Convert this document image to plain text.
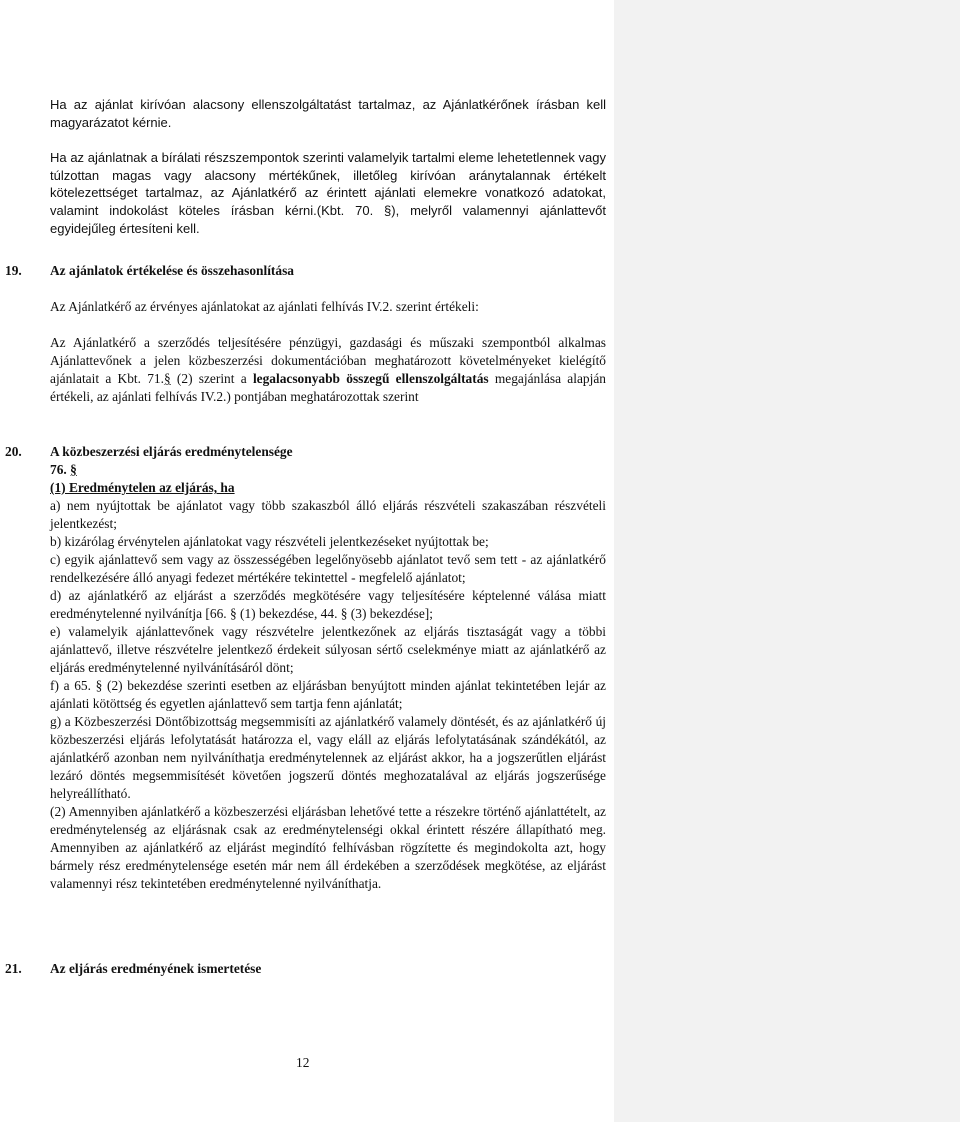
Ha az ajánlat kirívóan alacsony ellenszolgáltatást tartalmaz, az Ajánlatkérőnek írásban kell magyarázatot kérnie.

Ha az ajánlatnak a bírálati részszempontok szerinti valamelyik tartalmi eleme lehetetlennek vagy túlzottan magas vagy alacsony mértékűnek, illetőleg kirívóan aránytalannak értékelt kötelezettséget tartalmaz, az Ajánlatkérő az érintett ajánlati elemekre vonatkozó adatokat, valamint indokolást köteles írásban kérni.(Kbt. 70. §), melyről valamennyi ajánlattevőt egyidejűleg értesíteni kell.

19. Az ajánlatok értékelése és összehasonlítása

Az Ajánlatkérő az érvényes ajánlatokat az ajánlati felhívás IV.2. szerint értékeli:

Az Ajánlatkérő a szerződés teljesítésére pénzügyi, gazdasági és műszaki szempontból alkalmas Ajánlattevőnek a jelen közbeszerzési dokumentációban meghatározott követelményeket kielégítő ajánlatait a Kbt. 71.§ (2) szerint a legalacsonyabb összegű ellenszolgáltatás megajánlása alapján értékeli, az ajánlati felhívás IV.2.) pontjában meghatározottak szerint

20. A közbeszerzési eljárás eredménytelensége

76. §

(1) Eredménytelen az eljárás, ha

a) nem nyújtottak be ajánlatot vagy több szakaszból álló eljárás részvételi szakaszában részvételi jelentkezést;

b) kizárólag érvénytelen ajánlatokat vagy részvételi jelentkezéseket nyújtottak be;

c) egyik ajánlattevő sem vagy az összességében legelőnyösebb ajánlatot tevő sem tett - az ajánlatkérő rendelkezésére álló anyagi fedezet mértékére tekintettel - megfelelő ajánlatot;

d) az ajánlatkérő az eljárást a szerződés megkötésére vagy teljesítésére képtelenné válása miatt eredménytelenné nyilvánítja [66. § (1) bekezdése, 44. § (3) bekezdése];

e) valamelyik ajánlattevőnek vagy részvételre jelentkezőnek az eljárás tisztaságát vagy a többi ajánlattevő, illetve részvételre jelentkező érdekeit súlyosan sértő cselekménye miatt az ajánlatkérő az eljárás eredménytelenné nyilvánításáról dönt;

f) a 65. § (2) bekezdése szerinti esetben az eljárásban benyújtott minden ajánlat tekintetében lejár az ajánlati kötöttség és egyetlen ajánlattevő sem tartja fenn ajánlatát;

g) a Közbeszerzési Döntőbizottság megsemmisíti az ajánlatkérő valamely döntését, és az ajánlatkérő új közbeszerzési eljárás lefolytatását határozza el, vagy eláll az eljárás lefolytatásának szándékától, az ajánlatkérő azonban nem nyilváníthatja eredménytelennek az eljárást akkor, ha a jogszerűtlen eljárást lezáró döntés megsemmisítését követően jogszerű döntés meghozatalával az eljárás jogszerűsége helyreállítható.

(2) Amennyiben ajánlatkérő a közbeszerzési eljárásban lehetővé tette a részekre történő ajánlattételt, az eredménytelenség az eljárásnak csak az eredménytelenségi okkal érintett részére állapítható meg. Amennyiben az ajánlatkérő az eljárást megindító felhívásban rögzítette és megindokolta azt, hogy bármely rész eredménytelensége esetén már nem áll érdekében a szerződések megkötése, az eljárást valamennyi rész tekintetében eredménytelenné nyilváníthatja.

21. Az eljárás eredményének ismertetése
12
